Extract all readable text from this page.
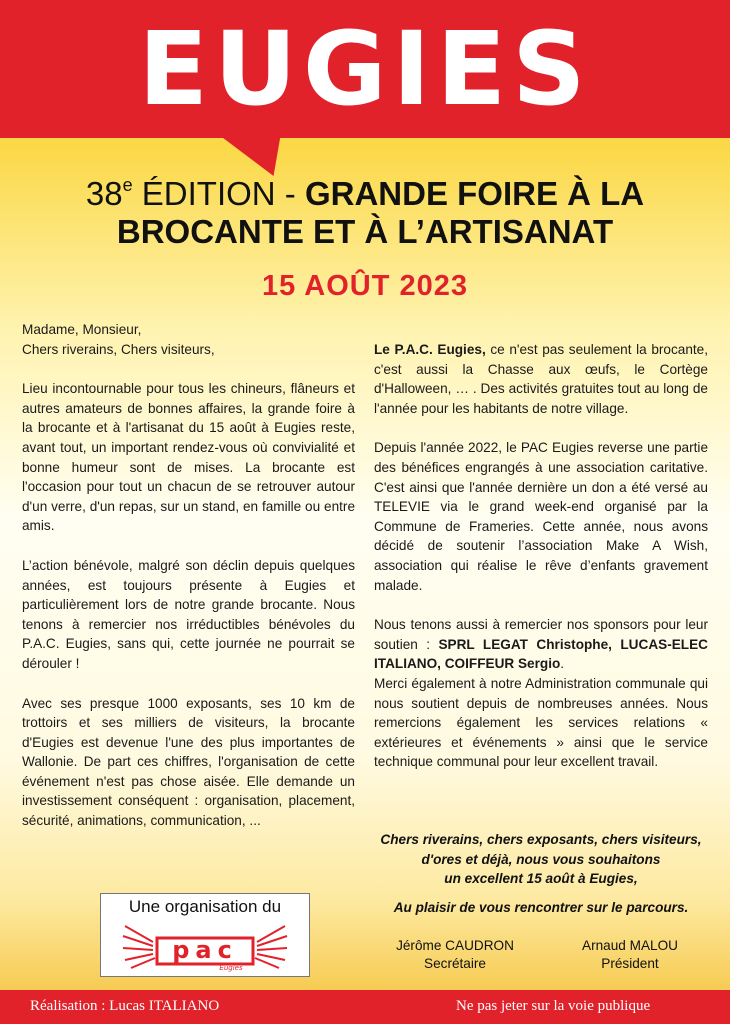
EUGIES
38e ÉDITION - GRANDE FOIRE À LA
BROCANTE ET À L’ARTISANAT
15 AOÛT 2023

Madame, Monsieur,

Chers riverains, Chers visiteurs,

Lieu incontournable pour tous les chineurs, flâneurs et autres amateurs de bonnes affaires, la grande foire à la brocante et à l'artisanat du 15 août à Eugies reste, avant tout, un important rendez-vous où convivialité et bonne humeur sont de mises. La brocante est l'occasion pour tout un chacun de se retrouver autour d'un verre, d'un repas, sur un stand, en famille ou entre amis.

L’action bénévole, malgré son déclin depuis quelques années, est toujours présente à Eugies et particulièrement lors de notre grande brocante. Nous tenons à remercier nos irréductibles bénévoles du P.A.C. Eugies, sans qui, cette journée ne pourrait se dérouler !

Avec ses presque 1000 exposants, ses 10 km de trottoirs et ses milliers de visiteurs, la brocante d'Eugies est devenue l'une des plus importantes de Wallonie. De part ces chiffres, l'organisation de cette événement n'est pas chose aisée. Elle demande un investissement conséquent : organisation, placement, sécurité, animations, communication, ...

Le P.A.C. Eugies, ce n'est pas seulement la brocante, c'est aussi la Chasse aux œufs, le Cortège d'Halloween, … . Des activités gratuites tout au long de l'année pour les habitants de notre village.

Depuis l'année 2022, le PAC Eugies reverse une partie des bénéfices engrangés à une association caritative. C'est ainsi que l'année dernière un don a été versé au TELEVIE via le grand week-end organisé par la Commune de Frameries. Cette année, nous avons décidé de soutenir l’association Make A Wish, association qui réalise le rêve d’enfants gravement malade.

Nous tenons aussi à remercier nos sponsors pour leur soutien : SPRL LEGAT Christophe, LUCAS-ELEC ITALIANO, COIFFEUR Sergio.

Merci également à notre Administration communale qui nous soutient depuis de nombreuses années. Nous remercions également les services relations « extérieures et événements » ainsi que le service technique communal pour leur excellent travail.

Chers riverains, chers exposants, chers visiteurs,
d'ores et déjà, nous vous souhaitons
un excellent 15 août à Eugies,
Au plaisir de vous rencontrer sur le parcours.
Jérôme CAUDRON
Secrétaire
Arnaud MALOU
Président
Une organisation du
pac
Eugies
Réalisation : Lucas ITALIANO	Ne pas jeter sur la voie publique
